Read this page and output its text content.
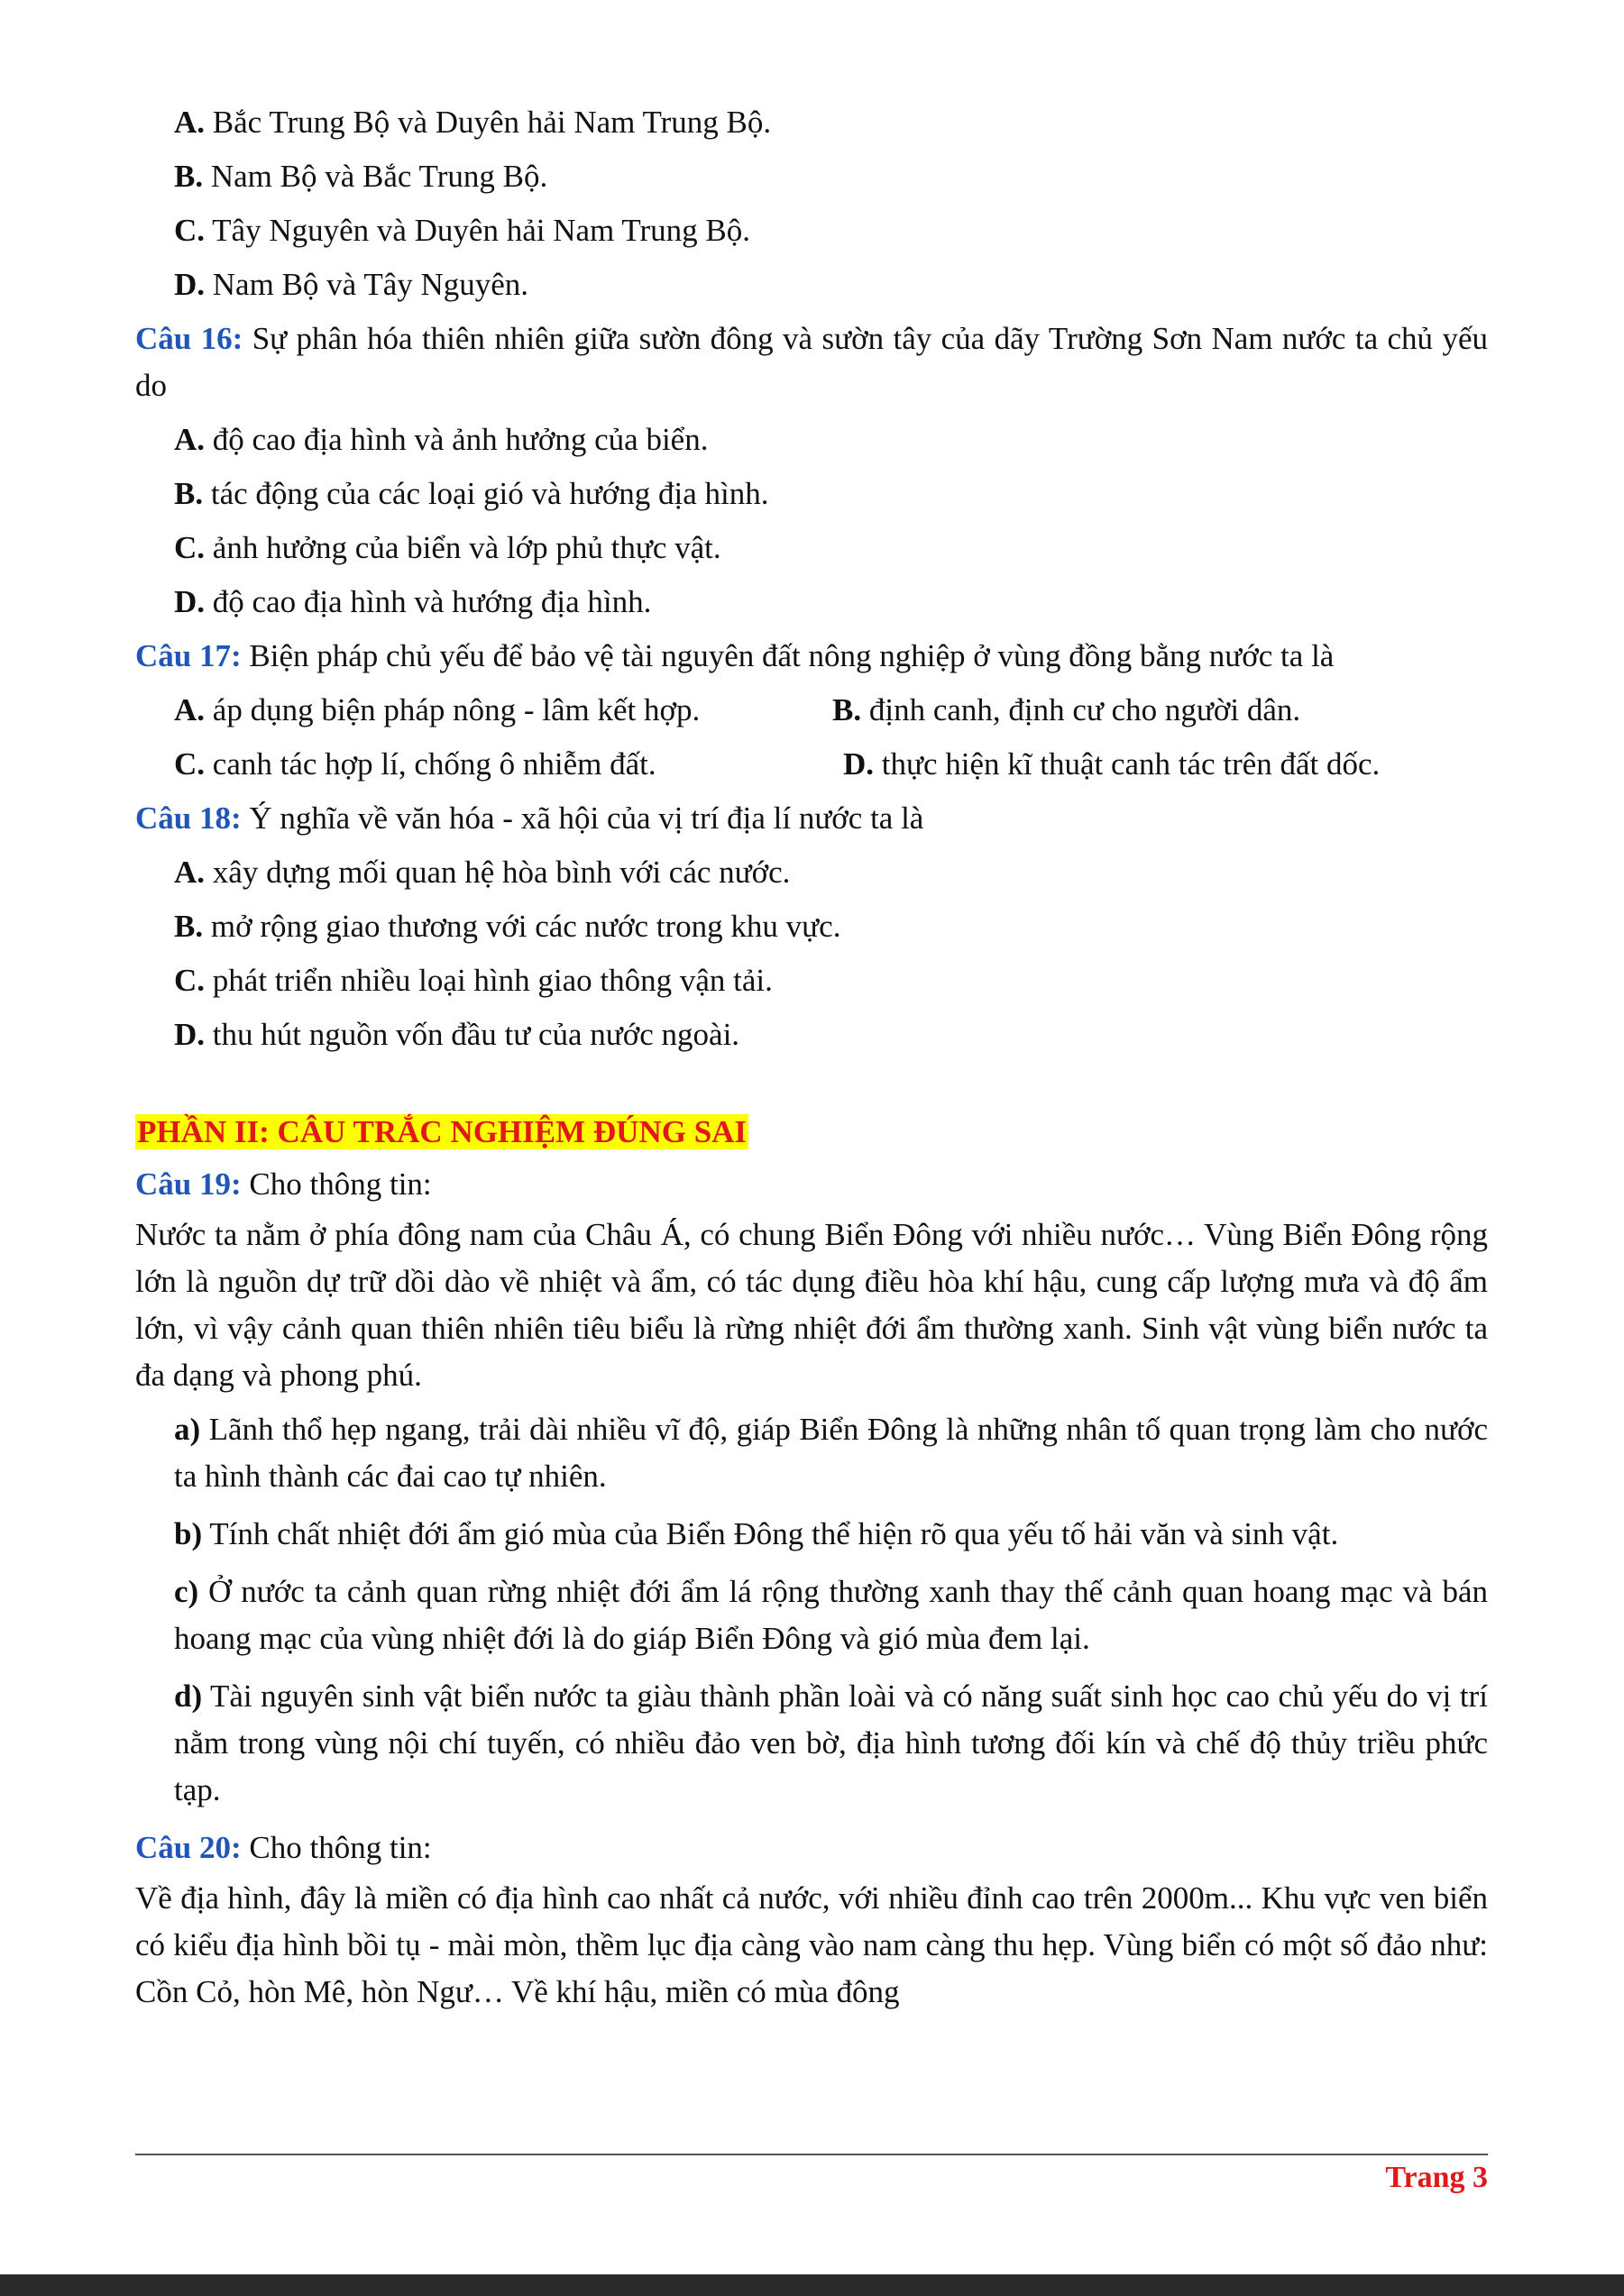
A. Bắc Trung Bộ và Duyên hải Nam Trung Bộ.
B. Nam Bộ và Bắc Trung Bộ.
C. Tây Nguyên và Duyên hải Nam Trung Bộ.
D. Nam Bộ và Tây Nguyên.
Câu 16: Sự phân hóa thiên nhiên giữa sườn đông và sườn tây của dãy Trường Sơn Nam nước ta chủ yếu do
A. độ cao địa hình và ảnh hưởng của biển.
B. tác động của các loại gió và hướng địa hình.
C. ảnh hưởng của biển và lớp phủ thực vật.
D. độ cao địa hình và hướng địa hình.
Câu 17: Biện pháp chủ yếu để bảo vệ tài nguyên đất nông nghiệp ở vùng đồng bằng nước ta là
A. áp dụng biện pháp nông - lâm kết hợp.	B. định canh, định cư cho người dân.
C. canh tác hợp lí, chống ô nhiễm đất.	D. thực hiện kĩ thuật canh tác trên đất dốc.
Câu 18: Ý nghĩa về văn hóa - xã hội của vị trí địa lí nước ta là
A. xây dựng mối quan hệ hòa bình với các nước.
B. mở rộng giao thương với các nước trong khu vực.
C. phát triển nhiều loại hình giao thông vận tải.
D. thu hút nguồn vốn đầu tư của nước ngoài.
PHẦN II: CÂU TRẮC NGHIỆM ĐÚNG SAI
Câu 19: Cho thông tin:
Nước ta nằm ở phía đông nam của Châu Á, có chung Biển Đông với nhiều nước… Vùng Biển Đông rộng lớn là nguồn dự trữ dồi dào về nhiệt và ẩm, có tác dụng điều hòa khí hậu, cung cấp lượng mưa và độ ẩm lớn, vì vậy cảnh quan thiên nhiên tiêu biểu là rừng nhiệt đới ẩm thường xanh. Sinh vật vùng biển nước ta đa dạng và phong phú.
a) Lãnh thổ hẹp ngang, trải dài nhiều vĩ độ, giáp Biển Đông là những nhân tố quan trọng làm cho nước ta hình thành các đai cao tự nhiên.
b) Tính chất nhiệt đới ẩm gió mùa của Biển Đông thể hiện rõ qua yếu tố hải văn và sinh vật.
c) Ở nước ta cảnh quan rừng nhiệt đới ẩm lá rộng thường xanh thay thế cảnh quan hoang mạc và bán hoang mạc của vùng nhiệt đới là do giáp Biển Đông và gió mùa đem lại.
d) Tài nguyên sinh vật biển nước ta giàu thành phần loài và có năng suất sinh học cao chủ yếu do vị trí nằm trong vùng nội chí tuyến, có nhiều đảo ven bờ, địa hình tương đối kín và chế độ thủy triều phức tạp.
Câu 20: Cho thông tin:
Về địa hình, đây là miền có địa hình cao nhất cả nước, với nhiều đỉnh cao trên 2000m... Khu vực ven biển có kiểu địa hình bồi tụ - mài mòn, thềm lục địa càng vào nam càng thu hẹp. Vùng biển có một số đảo như: Cồn Cỏ, hòn Mê, hòn Ngư… Về khí hậu, miền có mùa đông
Trang 3
